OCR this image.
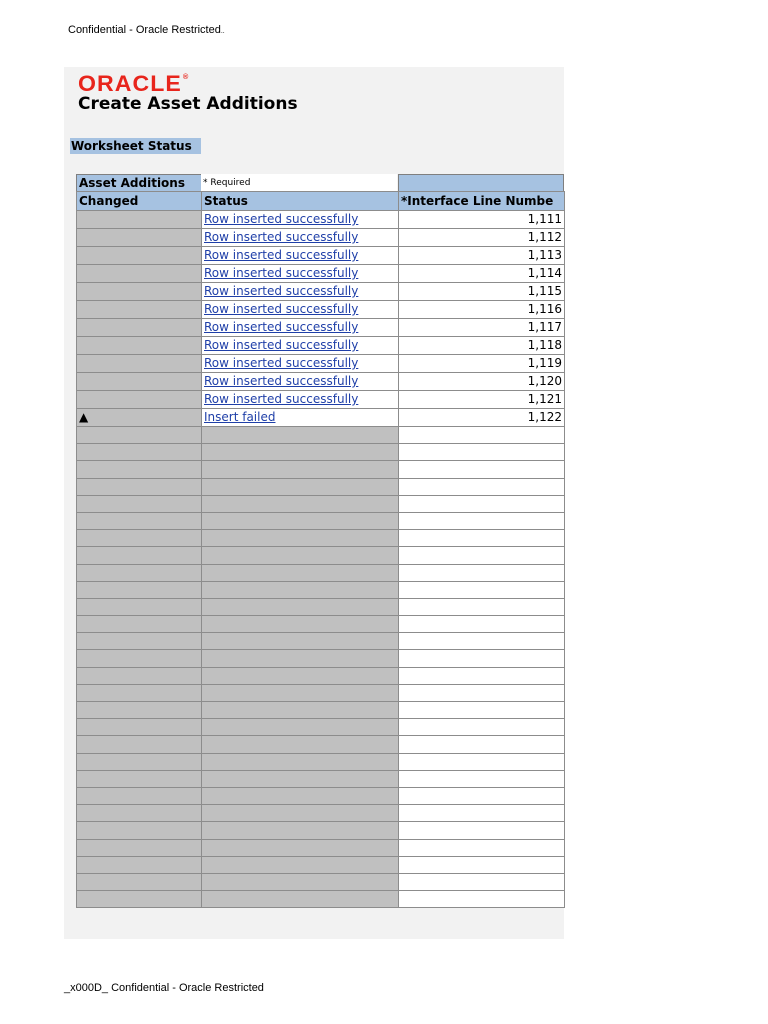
Confidential - Oracle Restricted..
ORACLE®
Create Asset Additions
Worksheet Status
Asset Additions	* Required
Changed	Status	*Interface Line Numbe
	Row inserted successfully	1,111
	Row inserted successfully	1,112
	Row inserted successfully	1,113
	Row inserted successfully	1,114
	Row inserted successfully	1,115
	Row inserted successfully	1,116
	Row inserted successfully	1,117
	Row inserted successfully	1,118
	Row inserted successfully	1,119
	Row inserted successfully	1,120
	Row inserted successfully	1,121
▲	Insert failed	1,122

_x000D_ Confidential - Oracle Restricted
